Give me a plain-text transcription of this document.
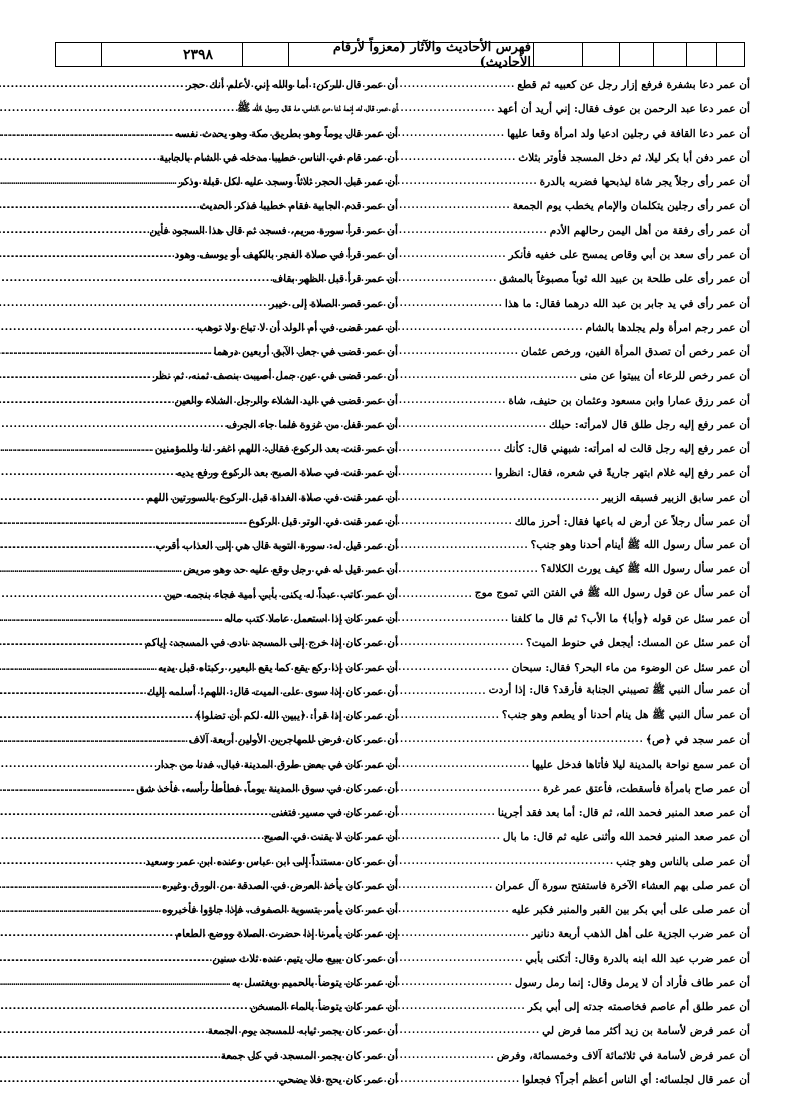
٢٣٩٨	فهرس الأحاديث والآثار (معزواً لأرقام الأحاديث)
أن عمر دعا بشفرة فرفع إزار رجل عن كعبيه ثم قطع
.....
أن عمر دعا عبد الرحمن بن عوف فقال: إني أريد أن أعهد
.....
أن عمر دعا القافة في رجلين ادعيا ولد امرأة وقعا عليها
.....
أن عمر دفن أبا بكر ليلا، ثم دخل المسجد فأوتر بثلاث
.....
أن عمر رأى رجلاً يجر شاة ليذبحها فضربه بالدرة
.....
أن عمر رأى رجلين يتكلمان والإمام يخطب يوم الجمعة
.....
أن عمر رأى رفقة من أهل اليمن رحالهم الأدم
.....
أن عمر رأى سعد بن أبي وقاص يمسح على خفيه فأنكر
.....
أن عمر رأى على طلحة بن عبيد الله ثوباً مصبوغاً بالمشق
.....
أن عمر رأى في يد جابر بن عبد الله درهما فقال: ما هذا
.....
أن عمر رجم امرأة ولم يجلدها بالشام
.....
أن عمر رخص أن تصدق المرأة الفين، ورخص عثمان
.....
أن عمر رخص للرعاء أن يبيتوا عن منى
.....
أن عمر رزق عمارا وابن مسعود وعثمان بن حنيف، شاة
.....
أن عمر رفع إليه رجل طلق قال لامرأته: حبلك
.....
أن عمر رفع إليه رجل قالت له امرأته: شبهني قال: كأنك
.....
أن عمر رفع إليه غلام ابتهر جاريةً في شعره، فقال: انظروا
.....
أن عمر سابق الزبير فسبقه الزبير
.....
أن عمر سأل رجلاً عن أرض له باعها فقال: أحرز مالك
.....
أن عمر سأل رسول الله ﷺ أينام أحدنا وهو جنب؟
.....
أن عمر سأل رسول الله ﷺ كيف يورث الكلالة؟
.....
أن عمر سأل عن قول رسول الله ﷺ في الفتن التي تموج موج
.....
أن عمر سئل عن قوله ﴿وأبا﴾ ما الأب؟ ثم قال ما كلفنا
.....
أن عمر سئل عن المسك: أيجعل في حنوط الميت؟
.....
أن عمر سئل عن الوضوء من ماء البحر؟ فقال: سبحان
.....
أن عمر سأل النبي ﷺ تصيبني الجنابة فأرقد؟ قال: إذا أردت
.....
أن عمر سأل النبي ﷺ هل ينام أحدنا أو يطعم وهو جنب؟
.....
أن عمر سجد في ﴿ص﴾
.....
أن عمر سمع نواحة بالمدينة ليلا فأتاها فدخل عليها
.....
أن عمر صاح بامرأة فأسقطت، فأعتق عمر غرة
.....
أن عمر صعد المنبر فحمد الله، ثم قال: أما بعد فقد أجرينا
.....
أن عمر صعد المنبر فحمد الله وأثنى عليه ثم قال: ما بال
.....
أن عمر صلى بالناس وهو جنب
.....
أن عمر صلى بهم العشاء الآخرة فاستفتح سورة آل عمران
.....
أن عمر صلى على أبي بكر بين القبر والمنبر فكبر عليه
.....
أن عمر ضرب الجزية على أهل الذهب أربعة دنانير
.....
أن عمر ضرب عبد الله ابنه بالدرة وقال: أتكنى بأبي
.....
أن عمر طاف فأراد أن لا يرمل وقال: إنما رمل رسول
.....
أن عمر طلق أم عاصم فخاصمته جدته إلى أبي بكر
.....
أن عمر فرض لأسامة بن زيد أكثر مما فرض لي
.....
أن عمر فرض لأسامة في ثلاثمائة آلاف وخمسمائة، وفرض
.....
أن عمر قال لجلسائه: أي الناس أعظم أجراً؟ فجعلوا
.....
أن عمر قال للركن: أما والله إني لأعلم أنك حجر
.....
أن عمر قال له إنما لنا من الناس ما قال رسول الله ﷺ
.....
أن عمر قال يوماً وهو بطريق مكة وهو يحدث نفسه
.....
أن عمر قام في الناس خطيبا مدخله في الشام بالجابية
.....
أن عمر قبل الحجر ثلاثاً وسجد عليه لكل قبلة وذكر
.....
أن عمر قدم الجابية فقام خطيبا فذكر الحديث
.....
أن عمر قرأ سورة مريم، فسجد ثم قال هذا السجود فأين
.....
أن عمر قرأ في صلاة الفجر بالكهف أو يوسف وهود
.....
أن عمر قرأ قبل الظهر بقاف
.....
أن عمر قصر الصلاة إلى خيبر
.....
أن عمر قضى في أم الولد أن لا تباع ولا توهب
.....
أن عمر قضى في جعل الآبق أربعين درهما
.....
أن عمر قضى في عين جمل أصيبت بنصف ثمنه، ثم نظر
.....
أن عمر قضى في اليد الشلاء والرجل الشلاء والعين
.....
أن عمر قفل من غزوة فلما جاء الجرف
.....
أن عمر قنت بعد الركوع فقال: اللهم اغفر لنا وللمؤمنين
.....
أن عمر قنت في صلاة الصبح بعد الركوع ورفع يديه
.....
أن عمر قنت في صلاة الغداة قبل الركوع بالسورتين اللهم
.....
أن عمر قنت في الوتر قبل الركوع
.....
أن عمر قيل له: سورة التوبة قال هي إلى العذاب أقرب
.....
أن عمر قيل له في رجل وقع عليه حد وهو مريض
.....
أن عمر كاتب عبداً له يكنى بأبي أمية فجاء بنجمه حين
.....
أن عمر كان إذا استعمل عاملا كتب ماله
.....
أن عمر كان إذا خرج إلى المسجد نادى في المسجد: إياكم
.....
أن عمر كان إذا ركع يقع كما يقع البعير، ركبتاه قبل يديه
.....
أن عمر كان إذا سوى على الميت قال: اللهم! أسلمه إليك
.....
أن عمر كان إذا قرأ: ﴿يبين الله لكم أن تضلوا﴾
.....
أن عمر كان فرض للمهاجرين الأولين أربعة آلاف
.....
أن عمر كان في بعض طرق المدينة فبال، فدنا من جدار
.....
أن عمر كان في سوق المدينة يوماً، فطأطأ رأسه، فأخذ شق
.....
أن عمر كان في مسير فتغنى
.....
أن عمر كان لا يقنت في الصبح
.....
أن عمر كان مستنداً إلى ابن عباس وعنده ابن عمر وسعيد
.....
أن عمر كان يأخذ العرض في الصدقة من الورق وغيره
.....
أن عمر كان يأمر بتسوية الصفوف، فإذا جاؤوا فأخبروه
.....
إن عمر كان يأمرنا إذا حضرت الصلاة ووضع الطعام
.....
أن عمر كان يبيع مال يتيم عنده ثلاث سنين
.....
أن عمر كان يتوضأ بالحميم ويغتسل به
.....
أن عمر كان يتوضأ بالماء المسخن
.....
أن عمر كان يجمر ثيابه للمسجد يوم الجمعة
.....
أن عمر كان يجمر المسجد في كل جمعة
.....
أن عمر كان يحج فلا يضحي
.....
